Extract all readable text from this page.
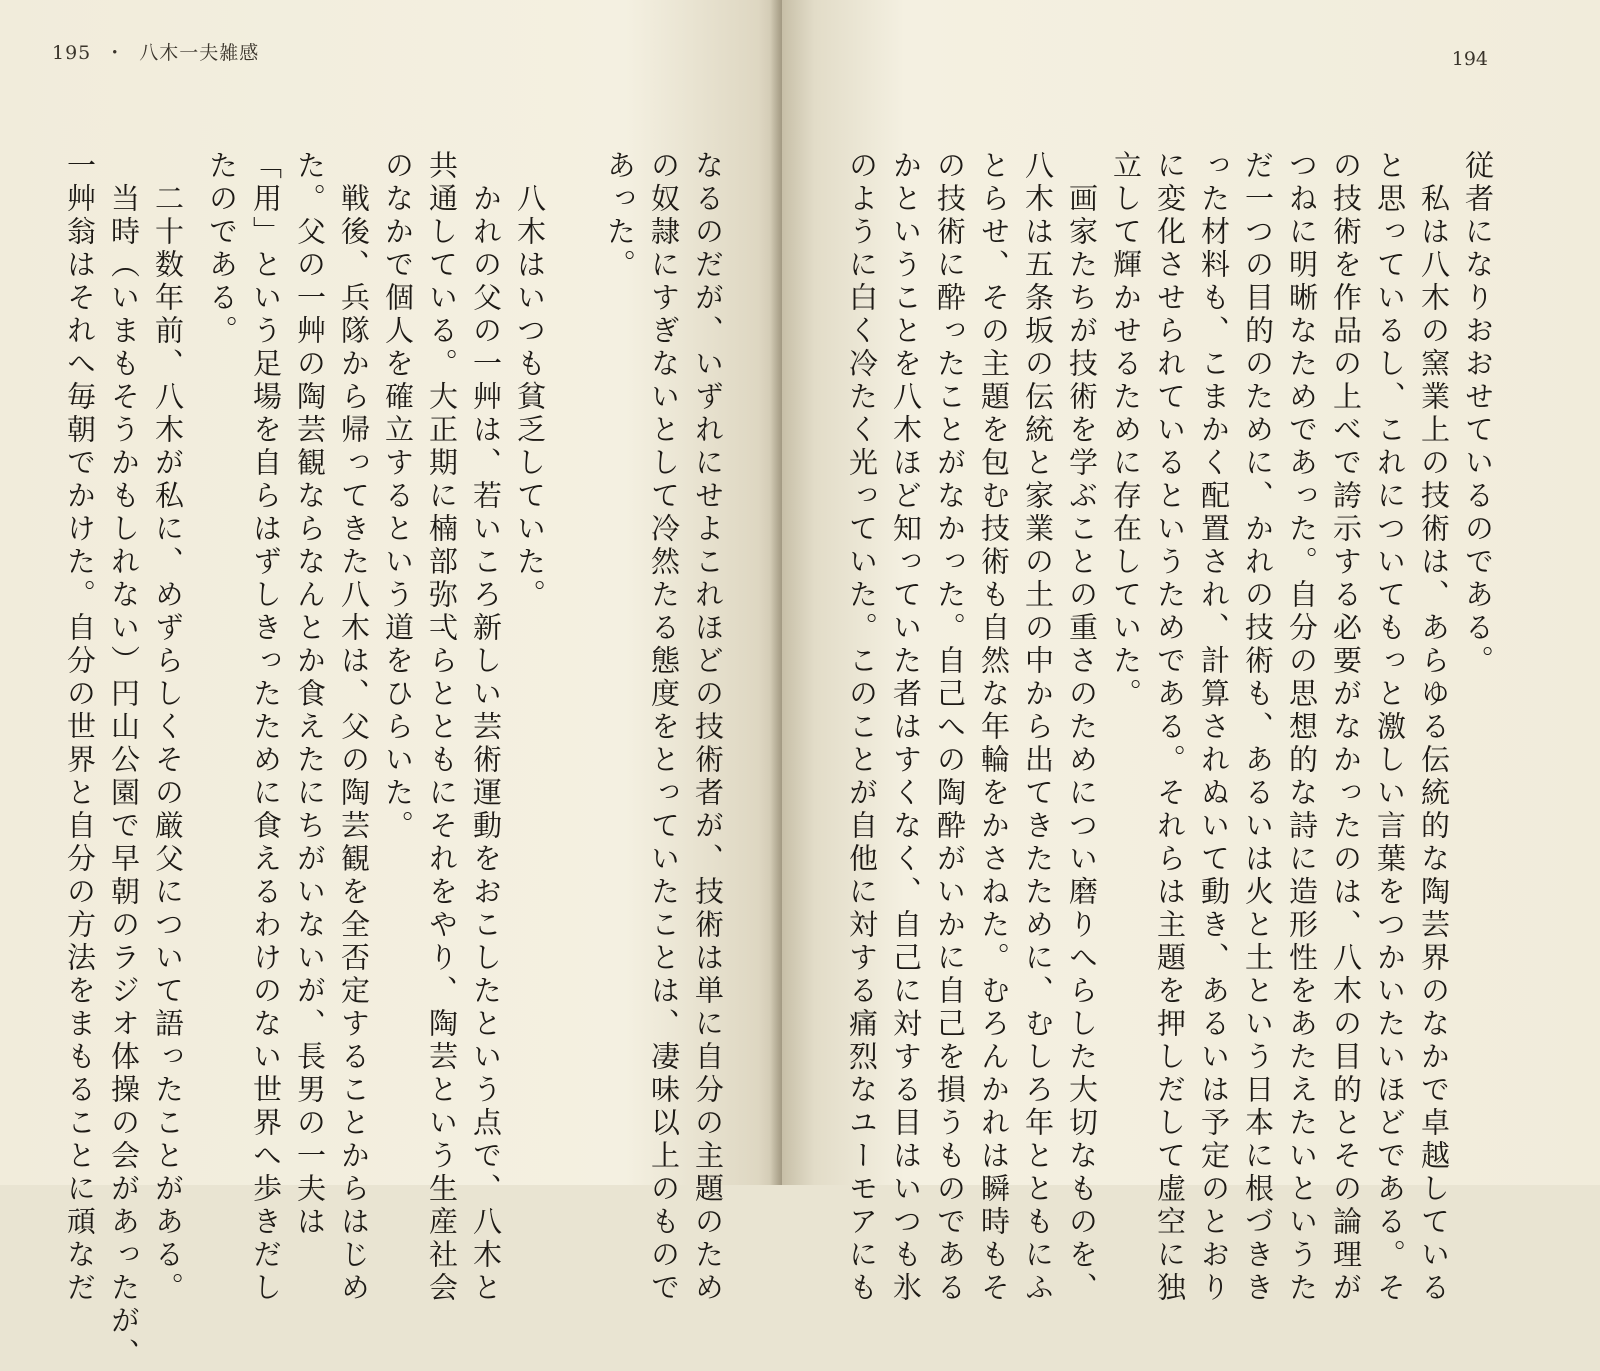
195 ・ 八木一夫雑感
なるのだが、いずれにせよこれほどの技術者が、技術は単に自分の主題のため
の奴隷にすぎないとして冷然たる態度をとっていたことは、凄味以上のもので
あった。
　八木はいつも貧乏していた。
　かれの父の一艸は、若いころ新しい芸術運動をおこしたという点で、八木と
共通している。大正期に楠部弥弌らとともにそれをやり、陶芸という生産社会
のなかで個人を確立するという道をひらいた。
　戦後、兵隊から帰ってきた八木は、父の陶芸観を全否定することからはじめ
た。父の一艸の陶芸観ならなんとか食えたにちがいないが、長男の一夫は
「用」という足場を自らはずしきったために食えるわけのない世界へ歩きだし
たのである。
　二十数年前、八木が私に、めずらしくその厳父について語ったことがある。
　当時（いまもそうかもしれない）円山公園で早朝のラジオ体操の会があったが、
一艸翁はそれへ毎朝でかけた。自分の世界と自分の方法をまもることに頑なだ
194
従者になりおおせているのである。
　私は八木の窯業上の技術は、あらゆる伝統的な陶芸界のなかで卓越している
と思っているし、これについてもっと激しい言葉をつかいたいほどである。そ
の技術を作品の上べで誇示する必要がなかったのは、八木の目的とその論理が
つねに明晰なためであった。自分の思想的な詩に造形性をあたえたいというた
だ一つの目的のために、かれの技術も、あるいは火と土という日本に根づきき
った材料も、こまかく配置され、計算されぬいて動き、あるいは予定のとおり
に変化させられているというためである。それらは主題を押しだして虚空に独
立して輝かせるために存在していた。
　画家たちが技術を学ぶことの重さのためについ磨りへらした大切なものを、
八木は五条坂の伝統と家業の土の中から出てきたために、むしろ年とともにふ
とらせ、その主題を包む技術も自然な年輪をかさねた。むろんかれは瞬時もそ
の技術に酔ったことがなかった。自己への陶酔がいかに自己を損うものである
かということを八木ほど知っていた者はすくなく、自己に対する目はいつも氷
のように白く冷たく光っていた。このことが自他に対する痛烈なユーモアにも
